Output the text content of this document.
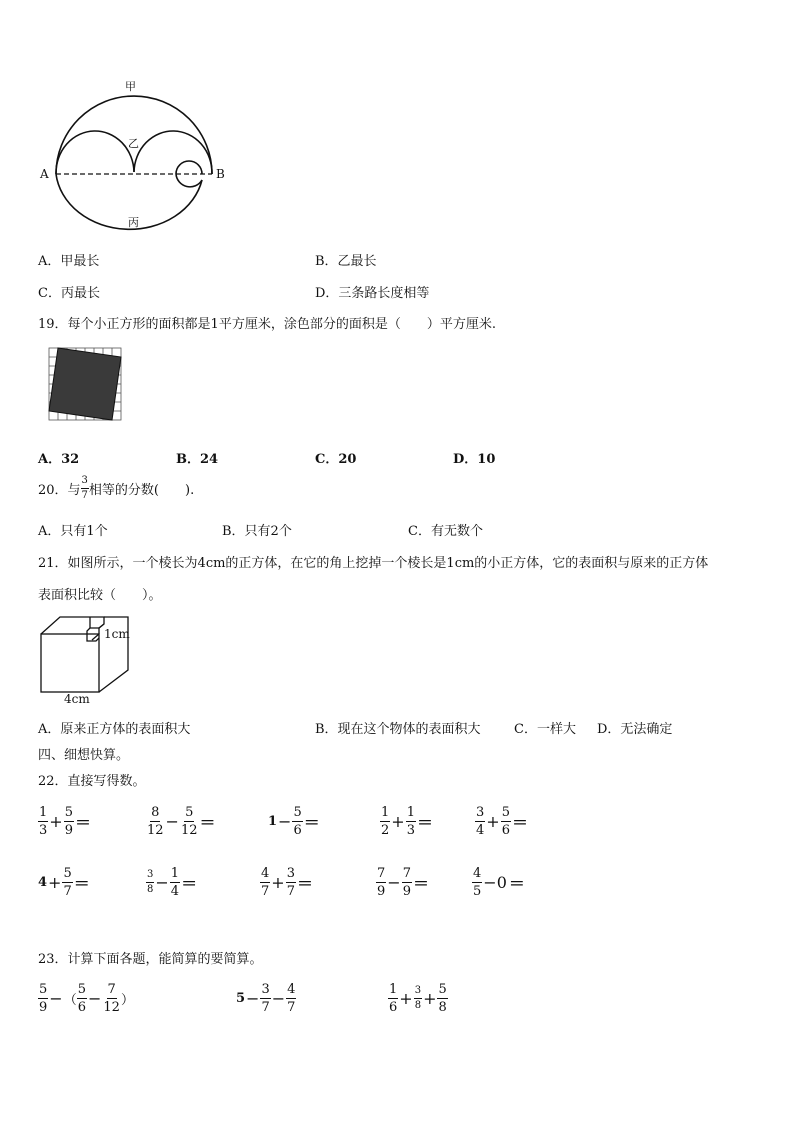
甲
乙
丙
A	B
A．甲最长	B．乙最长
C．丙最长	D．三条路长度相等
19．每个小正方形的面积都是1平方厘米，涂色部分的面积是（　　）平方厘米.
A．32	B．24	C．20	D．10
20．与 $\frac{3}{7}$ 相等的分数(　　).
A．只有1个	B．只有2个	C．有无数个
21．如图所示，一个棱长为4cm的正方体，在它的角上挖掉一个棱长是1cm的小正方体，它的表面积与原来的正方体
表面积比较（　　）。
1cm
4cm
A．原来正方体的表面积大	B．现在这个物体的表面积大	C．一样大 D．无法确定
四、细想快算。
22．直接写得数。
$\frac{1}{3} + \frac{5}{9}$ ＝	$\frac{8}{12} - \frac{5}{12}$ ＝	$1 - \frac{5}{6}$ ＝	$\frac{1}{2} + \frac{1}{3}$ ＝	$\frac{3}{4} + \frac{5}{6}$ ＝
$4 + \frac{5}{7}$ ＝	$\frac{3}{8} - \frac{1}{4}$ ＝	$\frac{4}{7} + \frac{3}{7}$ ＝	$\frac{7}{9} - \frac{7}{9}$ ＝	$\frac{4}{5} -0$ ＝
23．计算下面各题，能简算的要简算。
$\frac{5}{9}$ − （ $\frac{5}{6} - \frac{7}{12}$ ）	$5 - \frac{3}{7} - \frac{4}{7}$	$\frac{1}{6} + \frac{3}{8} + \frac{5}{8}$
